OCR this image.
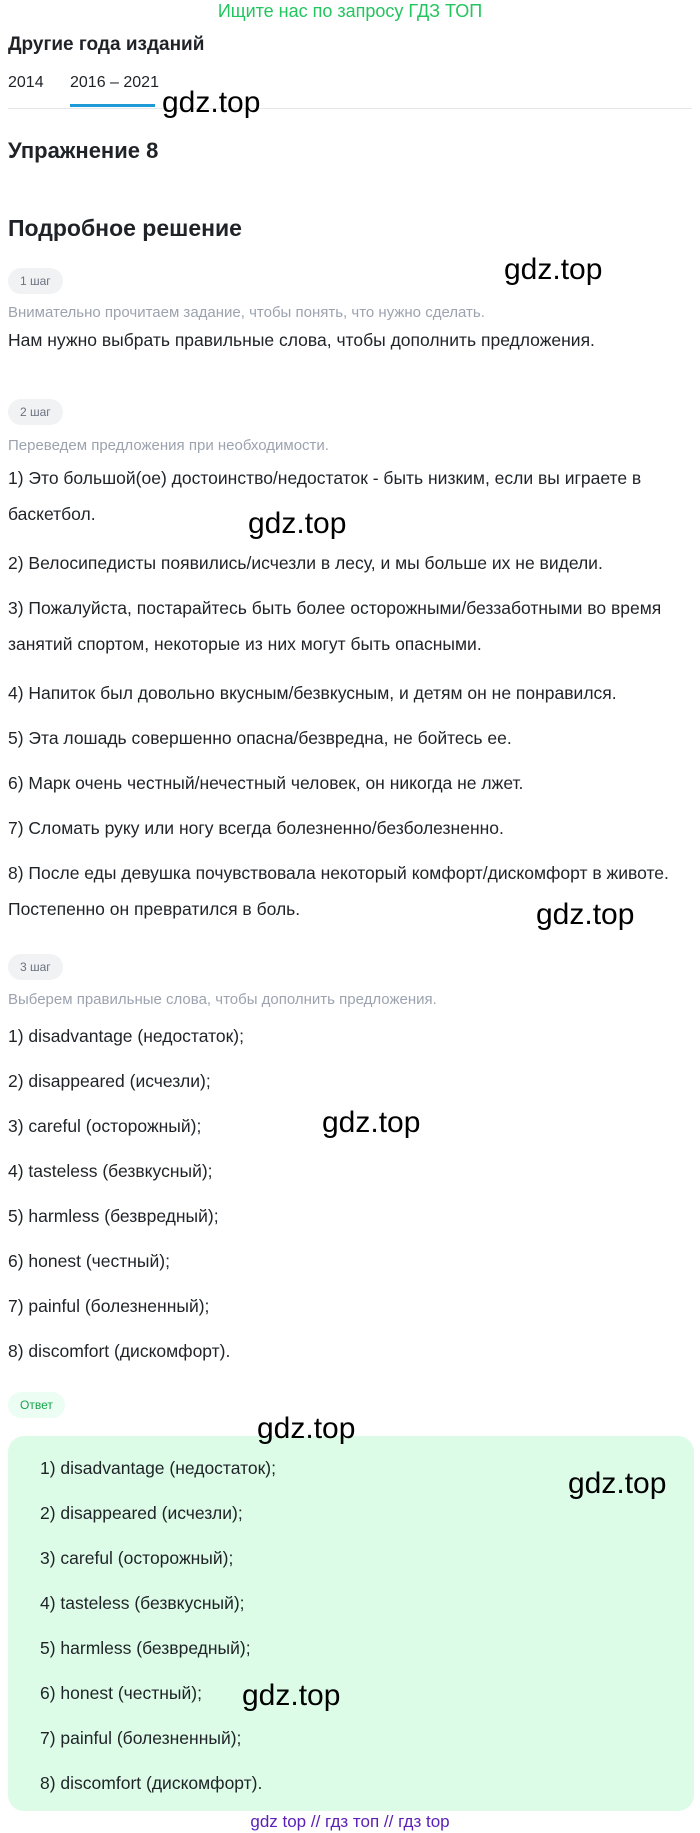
Ищите нас по запросу ГДЗ ТОП
Другие года изданий
2014 2016 – 2021
Упражнение 8
Подробное решение
1 шаг
Внимательно прочитаем задание, чтобы понять, что нужно сделать.
Нам нужно выбрать правильные слова, чтобы дополнить предложения.
2 шаг
Переведем предложения при необходимости.
1) Это большой(ое) достоинство/недостаток - быть низким, если вы играете в баскетбол.
2) Велосипедисты появились/исчезли в лесу, и мы больше их не видели.
3) Пожалуйста, постарайтесь быть более осторожными/беззаботными во время занятий спортом, некоторые из них могут быть опасными.
4) Напиток был довольно вкусным/безвкусным, и детям он не понравился.
5) Эта лошадь совершенно опасна/безвредна, не бойтесь ее.
6) Марк очень честный/нечестный человек, он никогда не лжет.
7) Сломать руку или ногу всегда болезненно/безболезненно.
8) После еды девушка почувствовала некоторый комфорт/дискомфорт в животе. Постепенно он превратился в боль.
3 шаг
Выберем правильные слова, чтобы дополнить предложения.
1) disadvantage (недостаток);
2) disappeared (исчезли);
3) careful (осторожный);
4) tasteless (безвкусный);
5) harmless (безвредный);
6) honest (честный);
7) painful (болезненный);
8) discomfort (дискомфорт).
Ответ
1) disadvantage (недостаток);
2) disappeared (исчезли);
3) careful (осторожный);
4) tasteless (безвкусный);
5) harmless (безвредный);
6) honest (честный);
7) painful (болезненный);
8) discomfort (дискомфорт).
gdz.top
gdz.top
gdz.top
gdz.top
gdz.top
gdz.top
gdz.top
gdz.top
gdz top // гдз топ // гдз top
